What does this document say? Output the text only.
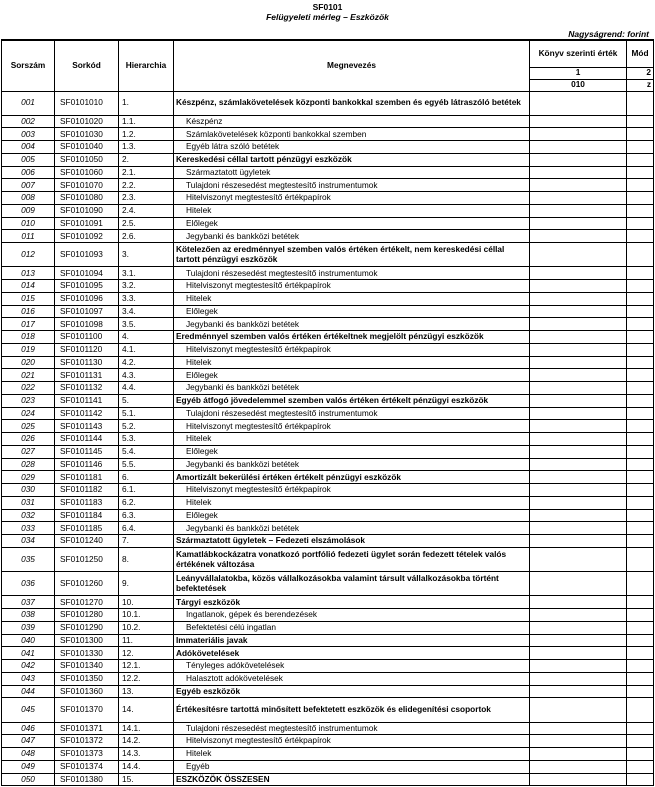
SF0101
Felügyeleti mérleg – Eszközök
Nagyságrend: forint
Sorszám	Sorkód	Hierarchia	Megnevezés	Könyv szerinti érték	Mód
				1	2
				010	z
001	SF0101010	1.	Készpénz, számlakövetelések központi bankokkal szemben és egyéb látraszóló betétek		
002	SF0101020	1.1.	Készpénz		
003	SF0101030	1.2.	Számlakövetelések központi bankokkal szemben		
004	SF0101040	1.3.	Egyéb látra szóló betétek		
005	SF0101050	2.	Kereskedési céllal tartott pénzügyi eszközök		
006	SF0101060	2.1.	Származtatott ügyletek		
007	SF0101070	2.2.	Tulajdoni részesedést megtestesítő instrumentumok		
008	SF0101080	2.3.	Hitelviszonyt megtestesítő értékpapírok		
009	SF0101090	2.4.	Hitelek		
010	SF0101091	2.5.	Előlegek		
011	SF0101092	2.6.	Jegybanki és bankközi betétek		
012	SF0101093	3.	Kötelezően az eredménnyel szemben valós értéken értékelt, nem kereskedési céllal tartott pénzügyi eszközök		
013	SF0101094	3.1.	Tulajdoni részesedést megtestesítő instrumentumok		
014	SF0101095	3.2.	Hitelviszonyt megtestesítő értékpapírok		
015	SF0101096	3.3.	Hitelek		
016	SF0101097	3.4.	Előlegek		
017	SF0101098	3.5.	Jegybanki és bankközi betétek		
018	SF0101100	4.	Eredménnyel szemben valós értéken értékeltnek megjelölt pénzügyi eszközök		
019	SF0101120	4.1.	Hitelviszonyt megtestesítő értékpapírok		
020	SF0101130	4.2.	Hitelek		
021	SF0101131	4.3.	Előlegek		
022	SF0101132	4.4.	Jegybanki és bankközi betétek		
023	SF0101141	5.	Egyéb átfogó jövedelemmel szemben valós értéken értékelt pénzügyi eszközök		
024	SF0101142	5.1.	Tulajdoni részesedést megtestesítő instrumentumok		
025	SF0101143	5.2.	Hitelviszonyt megtestesítő értékpapírok		
026	SF0101144	5.3.	Hitelek		
027	SF0101145	5.4.	Előlegek		
028	SF0101146	5.5.	Jegybanki és bankközi betétek		
029	SF0101181	6.	Amortizált bekerülési értéken értékelt pénzügyi eszközök		
030	SF0101182	6.1.	Hitelviszonyt megtestesítő értékpapírok		
031	SF0101183	6.2.	Hitelek		
032	SF0101184	6.3.	Előlegek		
033	SF0101185	6.4.	Jegybanki és bankközi betétek		
034	SF0101240	7.	Származtatott ügyletek – Fedezeti elszámolások		
035	SF0101250	8.	Kamatlábkockázatra vonatkozó portfólió fedezeti ügylet során fedezett tételek valós értékének változása		
036	SF0101260	9.	Leányvállalatokba, közös vállalkozásokba valamint társult vállalkozásokba történt befektetések		
037	SF0101270	10.	Tárgyi eszközök		
038	SF0101280	10.1.	Ingatlanok, gépek és berendezések		
039	SF0101290	10.2.	Befektetési célú ingatlan		
040	SF0101300	11.	Immateriális javak		
041	SF0101330	12.	Adókövetelések		
042	SF0101340	12.1.	Tényleges adókövetelések		
043	SF0101350	12.2.	Halasztott adókövetelések		
044	SF0101360	13.	Egyéb eszközök		
045	SF0101370	14.	Értékesítésre tartottá minősített befektetett eszközök és elidegenítési csoportok		
046	SF0101371	14.1.	Tulajdoni részesedést megtestesítő instrumentumok		
047	SF0101372	14.2.	Hitelviszonyt megtestesítő értékpapírok		
048	SF0101373	14.3.	Hitelek		
049	SF0101374	14.4.	Egyéb		
050	SF0101380	15.	ESZKÖZÖK ÖSSZESEN		
